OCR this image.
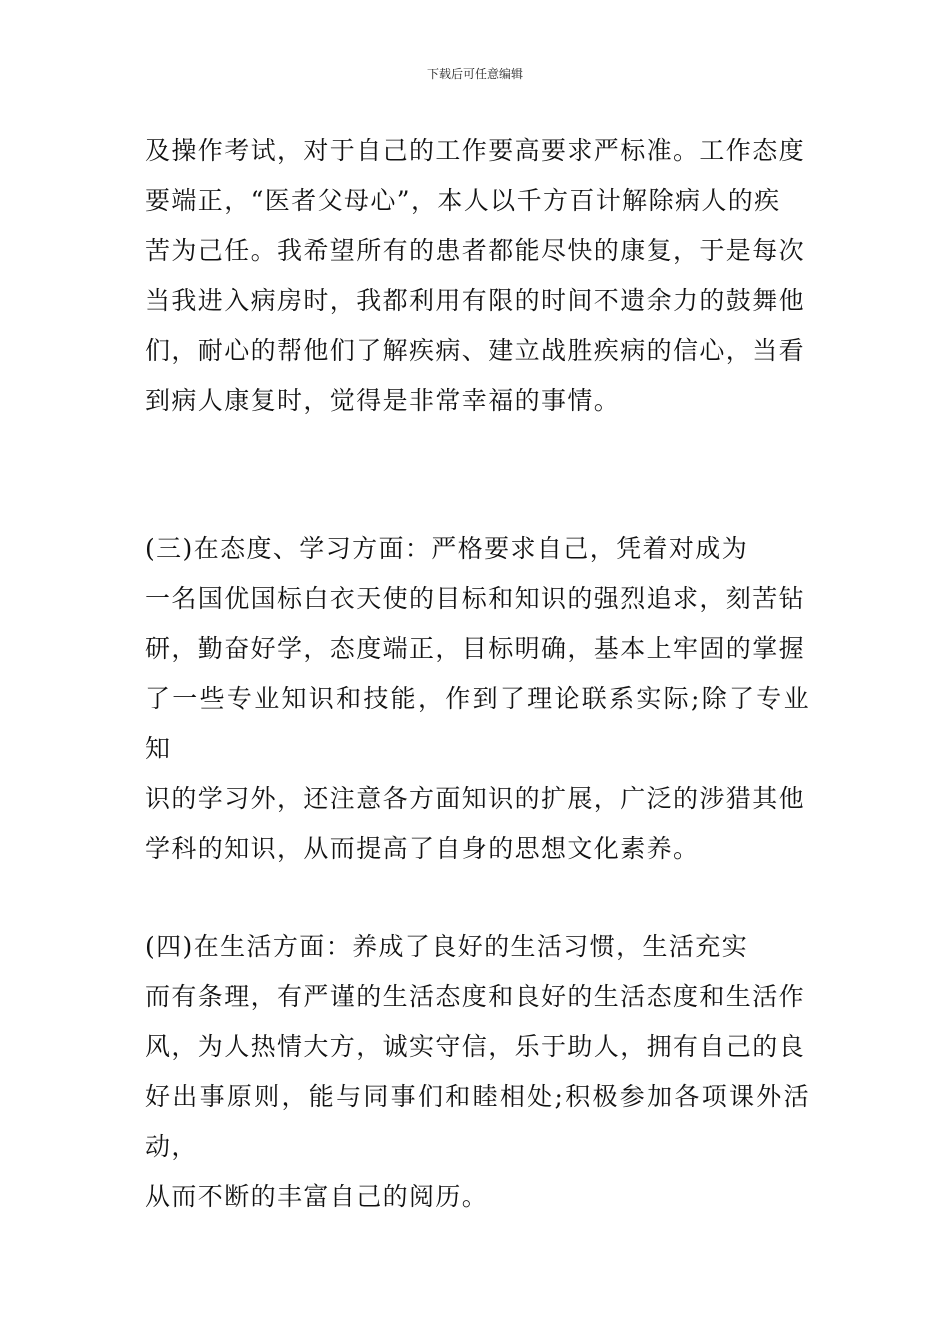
下载后可任意编辑

及操作考试，对于自己的工作要高要求严标准。工作态度
要端正，“医者父母心”，本人以千方百计解除病人的疾
苦为己任。我希望所有的患者都能尽快的康复，于是每次
当我进入病房时，我都利用有限的时间不遗余力的鼓舞他
们，耐心的帮他们了解疾病、建立战胜疾病的信心，当看
到病人康复时，觉得是非常幸福的事情。

(三)在态度、学习方面：严格要求自己，凭着对成为
一名国优国标白衣天使的目标和知识的强烈追求，刻苦钻
研，勤奋好学，态度端正，目标明确，基本上牢固的掌握
了一些专业知识和技能，作到了理论联系实际;除了专业知
识的学习外，还注意各方面知识的扩展，广泛的涉猎其他
学科的知识，从而提高了自身的思想文化素养。

(四)在生活方面：养成了良好的生活习惯，生活充实
而有条理，有严谨的生活态度和良好的生活态度和生活作
风，为人热情大方，诚实守信，乐于助人，拥有自己的良
好出事原则，能与同事们和睦相处;积极参加各项课外活动，
从而不断的丰富自己的阅历。
